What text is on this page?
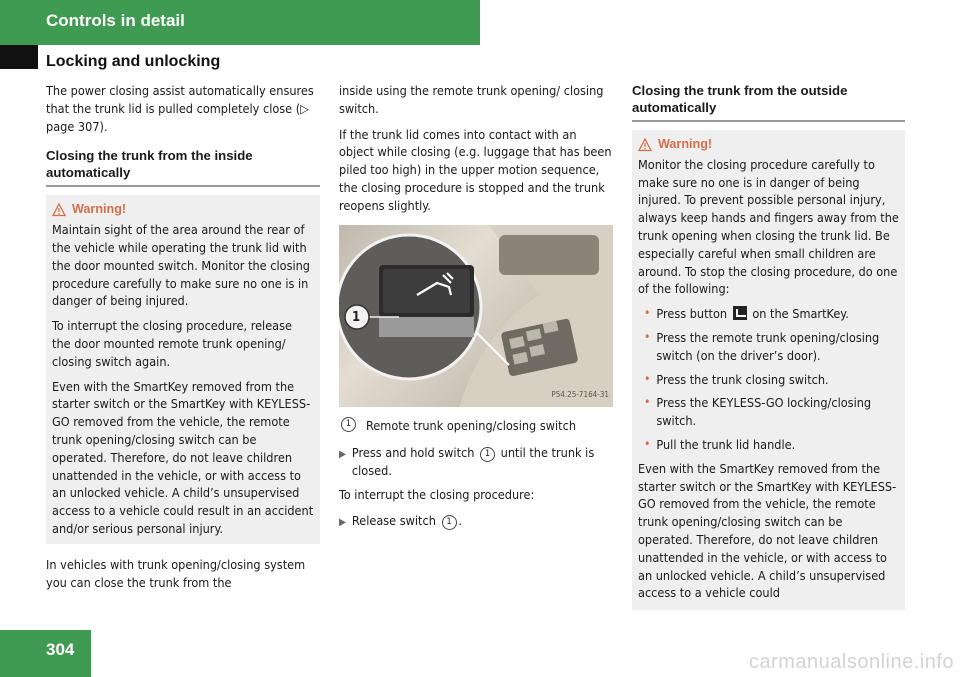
Controls in detail
Locking and unlocking

The power closing assist automatically ensures that the trunk lid is pulled completely close (▷ page 307).

Closing the trunk from the inside automatically
Warning!

Maintain sight of the area around the rear of the vehicle while operating the trunk lid with the door mounted switch. Monitor the closing procedure carefully to make sure no one is in danger of being injured.

To interrupt the closing procedure, release the door mounted remote trunk opening/ closing switch again.

Even with the SmartKey removed from the starter switch or the SmartKey with KEYLESS-GO removed from the vehicle, the remote trunk opening/closing switch can be operated. Therefore, do not leave children unattended in the vehicle, or with access to an unlocked vehicle. A child’s unsupervised access to a vehicle could result in an accident and/or serious personal injury.

In vehicles with trunk opening/closing system you can close the trunk from the

inside using the remote trunk opening/ closing switch.

If the trunk lid comes into contact with an object while closing (e.g. luggage that has been piled too high) in the upper motion sequence, the closing procedure is stopped and the trunk reopens slightly.

1
P54.25-7164-31
1	Remote trunk opening/closing switch
▶ Press and hold switch 1 until the trunk is closed.

To interrupt the closing procedure:

▶ Release switch 1 .
Closing the trunk from the outside automatically
Warning!

Monitor the closing procedure carefully to make sure no one is in danger of being injured. To prevent possible personal injury, always keep hands and fingers away from the trunk opening when closing the trunk lid. Be especially careful when small children are around. To stop the closing procedure, do one of the following:

• Press button on the SmartKey.
• Press the remote trunk opening/closing switch (on the driver’s door).
• Press the trunk closing switch.
• Press the KEYLESS-GO locking/closing switch.
• Pull the trunk lid handle.

Even with the SmartKey removed from the starter switch or the SmartKey with KEYLESS-GO removed from the vehicle, the remote trunk opening/closing switch can be operated. Therefore, do not leave children unattended in the vehicle, or with access to an unlocked vehicle. A child’s unsupervised access to a vehicle could

304
carmanualsonline.info
